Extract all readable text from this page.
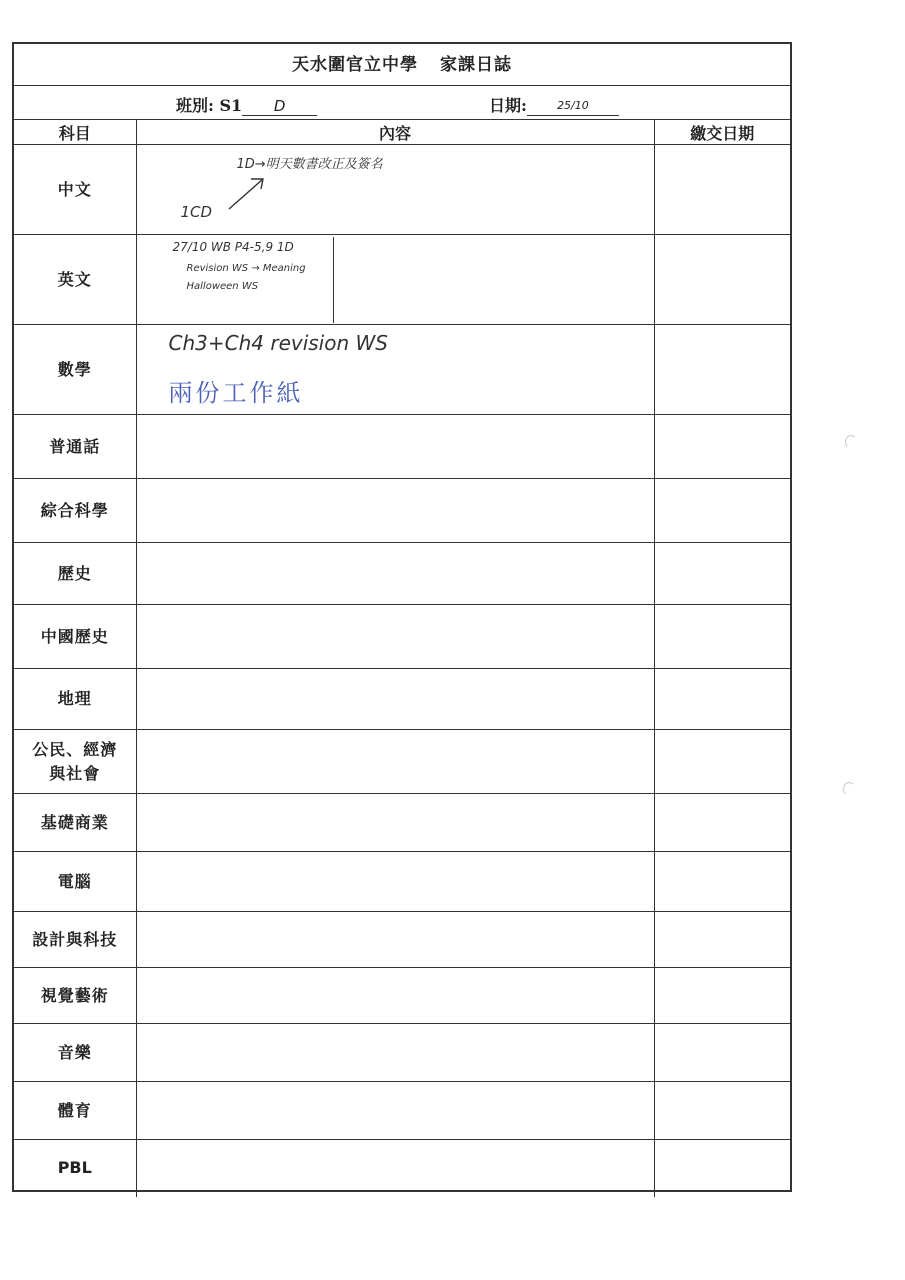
天水圍官立中學 家課日誌
班別: S1 D	日期:	25/10
科目	內容	繳交日期
中文	1D→明天數書改正及簽名
1CD	

英文	27/10 WB P4-5,9 1D
Revision WS → Meaning
Halloween WS	

數學	Ch3+Ch4 revision WS
兩份工作紙	

普通話		
綜合科學		
歷史		
中國歷史		
地理		

公民、經濟
與社會		

基礎商業		
電腦		
設計與科技		
視覺藝術		
音樂		
體育		
PBL		
